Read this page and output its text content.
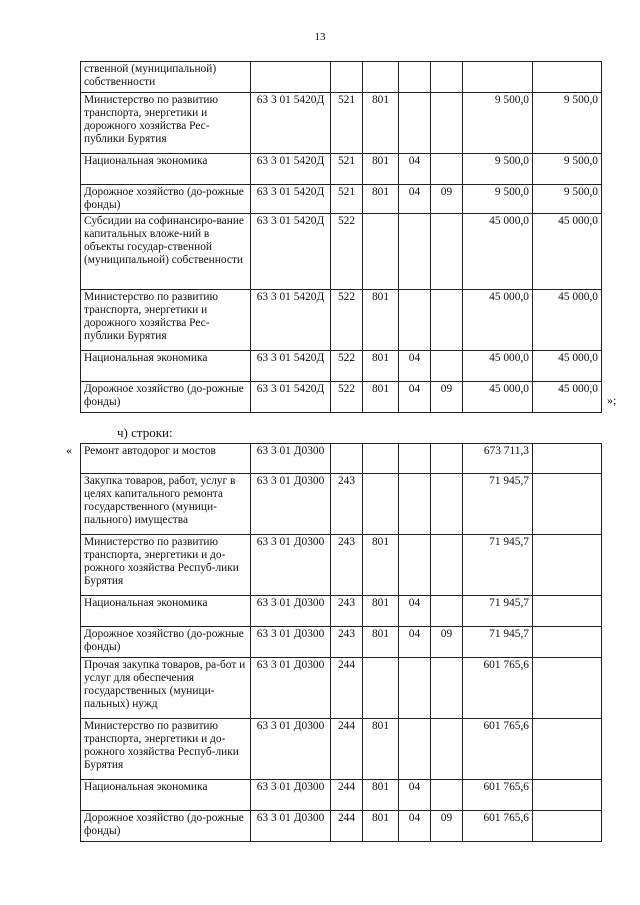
13
ственной (муниципальной) собственности							
Министерство по развитию транспорта, энергетики и дорожного хозяйства Рес-публики Бурятия	63 3 01 5420Д	521	801			9 500,0	9 500,0
Национальная экономика	63 3 01 5420Д	521	801	04		9 500,0	9 500,0
Дорожное хозяйство (до-рожные фонды)	63 3 01 5420Д	521	801	04	09	9 500,0	9 500,0
Субсидии на софинансиро-вание капитальных вложе-ний в объекты государ-ственной (муниципальной) собственности	63 3 01 5420Д	522				45 000,0	45 000,0
Министерство по развитию транспорта, энергетики и дорожного хозяйства Рес-публики Бурятия	63 3 01 5420Д	522	801			45 000,0	45 000,0
Национальная экономика	63 3 01 5420Д	522	801	04		45 000,0	45 000,0
Дорожное хозяйство (до-рожные фонды)	63 3 01 5420Д	522	801	04	09	45 000,0	45 000,0
»;
ч) строки:
« Ремонт автодорог и мостов	63 3 01 Д0300					673 711,3	
Закупка товаров, работ, услуг в целях капитального ремонта государственного (муници-пального) имущества	63 3 01 Д0300	243				71 945,7	
Министерство по развитию транспорта, энергетики и до-рожного хозяйства Респуб-лики Бурятия	63 3 01 Д0300	243	801			71 945,7	
Национальная экономика	63 3 01 Д0300	243	801	04		71 945,7	
Дорожное хозяйство (до-рожные фонды)	63 3 01 Д0300	243	801	04	09	71 945,7	
Прочая закупка товаров, ра-бот и услуг для обеспечения государственных (муници-пальных) нужд	63 3 01 Д0300	244				601 765,6	
Министерство по развитию транспорта, энергетики и до-рожного хозяйства Респуб-лики Бурятия	63 3 01 Д0300	244	801			601 765,6	
Национальная экономика	63 3 01 Д0300	244	801	04		601 765,6	
Дорожное хозяйство (до-рожные фонды)	63 3 01 Д0300	244	801	04	09	601 765,6	
